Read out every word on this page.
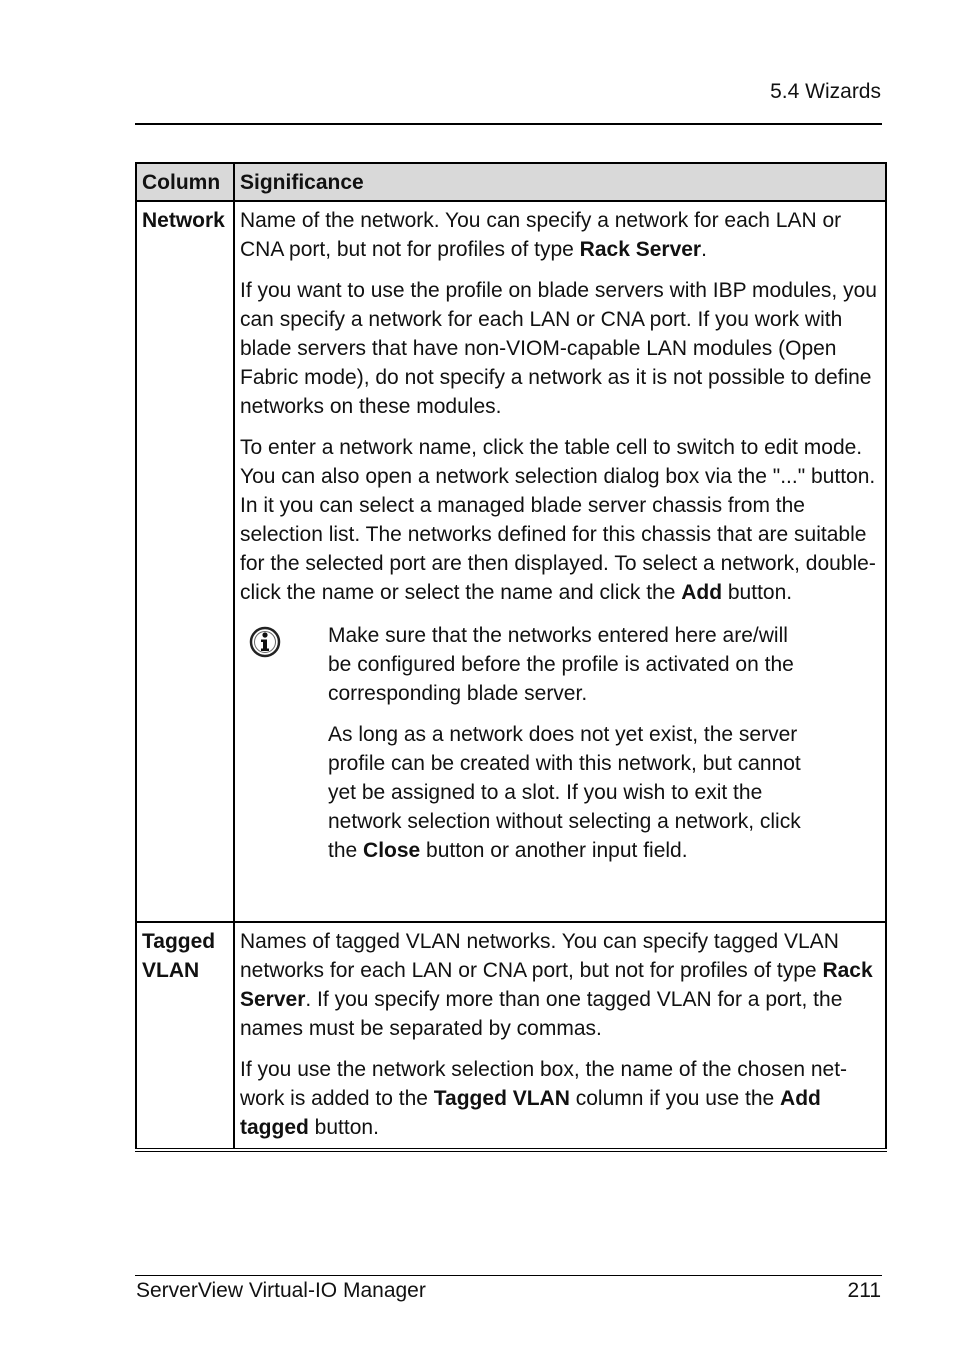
5.4 Wizards
Column	Significance
Network	Name of the network. You can specify a network for each LAN or CNA port, but not for profiles of type Rack Server.

If you want to use the profile on blade servers with IBP modules, you can specify a network for each LAN or CNA port. If you work with blade servers that have non-VIOM-capable LAN modules (Open Fabric mode), do not specify a network as it is not possible to define networks on these modules.

To enter a network name, click the table cell to switch to edit mode. You can also open a network selection dialog box via the "..." button. In it you can select a managed blade server chassis from the selection list. The networks defined for this chassis that are suitable for the selected port are then displayed. To select a network, double-click the name or select the name and click the Add button.

Make sure that the networks entered here are/will be configured before the profile is activated on the corresponding blade server.

As long as a network does not yet exist, the server profile can be created with this network, but cannot yet be assigned to a slot. If you wish to exit the network selection without selecting a network, click the Close button or another input field.

Tagged VLAN	Names of tagged VLAN networks. You can specify tagged VLAN networks for each LAN or CNA port, but not for profiles of type Rack Server. If you specify more than one tagged VLAN for a port, the names must be separated by commas.

If you use the network selection box, the name of the chosen net-work is added to the Tagged VLAN column if you use the Add tagged button.

ServerView Virtual-IO Manager	211
